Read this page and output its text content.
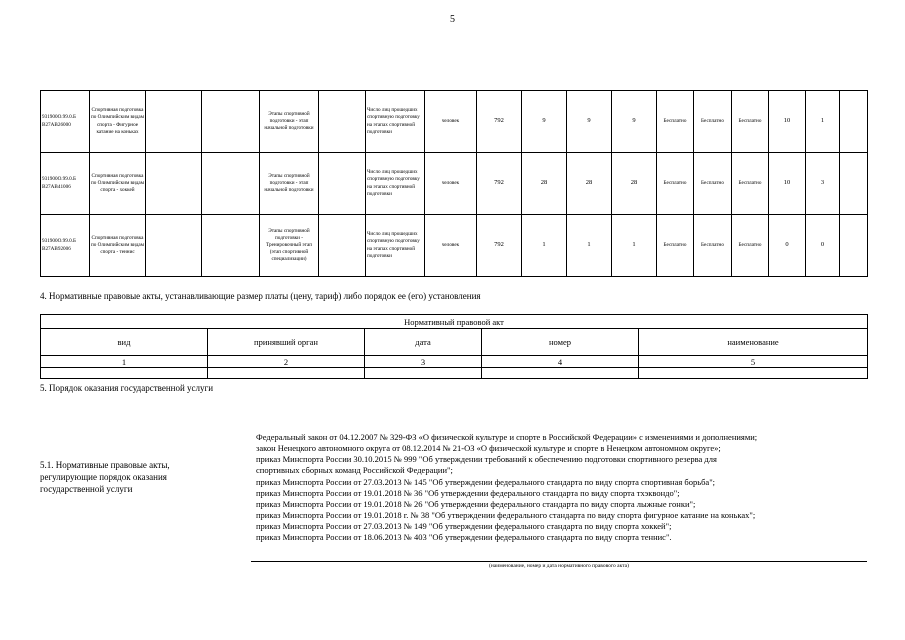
5
931900О.99.0.Б В27АВ26000	Спортивная подготовка по Олимпийским видам спорта - Фигурное катание на коньках			Этапы спортивной подготовки - этап начальной подготовки		Число лиц прошедших спортивную подготовку на этапах спортивной подготовки	человек	792	9	9	9	Бесплатно	Бесплатно	Бесплатно	10	1	
931900О.99.0.Б В27АВ41006	Спортивная подготовка по Олимпийским видам спорта - хоккей			Этапы спортивной подготовки - этап начальной подготовки		Число лиц прошедших спортивную подготовку на этапах спортивной подготовки	человек	792	28	28	28	Бесплатно	Бесплатно	Бесплатно	10	3	
931900О.99.0.Б В27АВ92006	Спортивная подготовка по Олимпийским видам спорта - теннис			Этапы спортивной подготовки - Тренировочный этап (этап спортивной специализации)		Число лиц прошедших спортивную подготовку на этапах спортивной подготовки	человек	792	1	1	1	Бесплатно	Бесплатно	Бесплатно	0	0	
4. Нормативные правовые акты, устанавливающие размер платы (цену, тариф) либо порядок ее (его) установления
Нормативный правовой акт				
вид	принявший орган	дата	номер	наименование
1	2	3	4	5

5. Порядок оказания государственной услуги
5.1. Нормативные правовые акты, регулирующие порядок оказания государственной услуги
Федеральный закон от 04.12.2007 № 329-ФЗ «О физической культуре и спорте в Российской Федерации» с изменениями и дополнениями;
закон Ненецкого автономного округа от 08.12.2014 № 21-ОЗ «О физической культуре и спорте в Ненецком автономном округе»;
приказ Минспорта России 30.10.2015 № 999 "Об утверждении требований к обеспечению подготовки спортивного резерва для
спортивных сборных команд Российской Федерации";
приказ Минспорта России от 27.03.2013 № 145 "Об утверждении федерального стандарта по виду спорта спортивная борьба";
приказ Минспорта России от 19.01.2018 № 36 "Об утверждении федерального стандарта по виду спорта тхэквондо";
приказ Минспорта России от 19.01.2018 № 26 "Об утверждении федерального стандарта по виду спорта лыжные гонки";
приказ Минспорта России от 19.01.2018 г. № 38 "Об утверждении федерального стандарта по виду спорта фигурное катание на коньках";
приказ Минспорта России от 27.03.2013 № 149 "Об утверждении федерального стандарта по виду спорта хоккей";
приказ Минспорта России от 18.06.2013 № 403 "Об утверждении федерального стандарта по виду спорта теннис".
(наименование, номер и дата нормативного правового акта)
